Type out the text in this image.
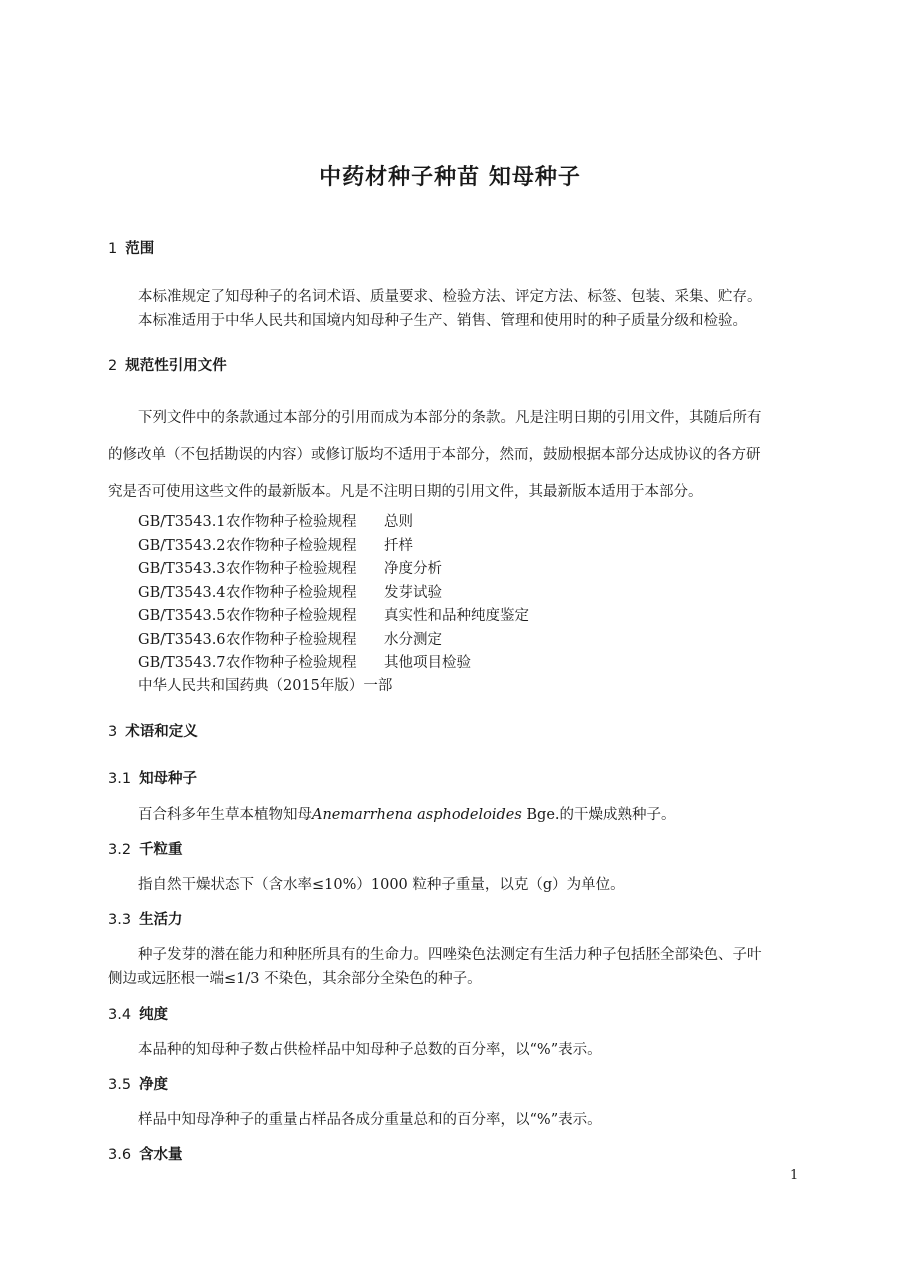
中药材种子种苗 知母种子
1 范围
本标准规定了知母种子的名词术语、质量要求、检验方法、评定方法、标签、包装、采集、贮存。
本标准适用于中华人民共和国境内知母种子生产、销售、管理和使用时的种子质量分级和检验。
2 规范性引用文件
下列文件中的条款通过本部分的引用而成为本部分的条款。凡是注明日期的引用文件，其随后所有
的修改单（不包括勘误的内容）或修订版均不适用于本部分，然而，鼓励根据本部分达成协议的各方研
究是否可使用这些文件的最新版本。凡是不注明日期的引用文件，其最新版本适用于本部分。
GB/T3543.1农作物种子检验规程 总则
GB/T3543.2农作物种子检验规程 扦样
GB/T3543.3农作物种子检验规程 净度分析
GB/T3543.4农作物种子检验规程 发芽试验
GB/T3543.5农作物种子检验规程 真实性和品种纯度鉴定
GB/T3543.6农作物种子检验规程 水分测定
GB/T3543.7农作物种子检验规程 其他项目检验
中华人民共和国药典（2015年版）一部
3 术语和定义
3.1 知母种子
百合科多年生草本植物知母Anemarrhena asphodeloides Bge.的干燥成熟种子。
3.2 千粒重
指自然干燥状态下（含水率≤10%）1000 粒种子重量，以克（g）为单位。
3.3 生活力
种子发芽的潜在能力和种胚所具有的生命力。四唑染色法测定有生活力种子包括胚全部染色、子叶
侧边或远胚根一端≤1/3 不染色，其余部分全染色的种子。
3.4 纯度
本品种的知母种子数占供检样品中知母种子总数的百分率，以“%”表示。
3.5 净度
样品中知母净种子的重量占样品各成分重量总和的百分率，以“%”表示。
3.6 含水量
1
